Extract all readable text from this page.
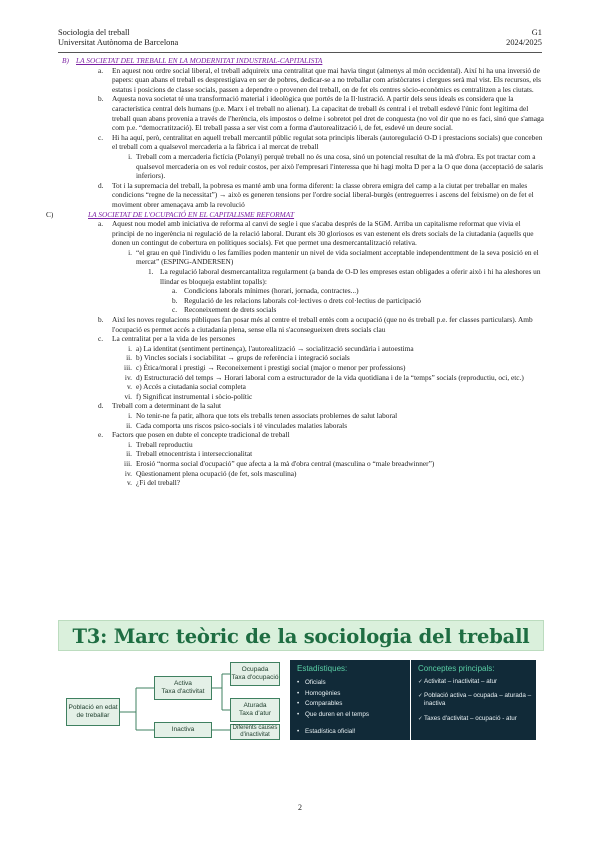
Sociologia del treball
Universitat Autònoma de Barcelona
G1
2024/2025
B) LA SOCIETAT DEL TREBALL EN LA MODERNITAT INDUSTRIAL-CAPITALISTA
a. En aquest nou ordre social liberal, el treball adquireix una centralitat que mai havia tingut (almenys al món occidental). Així hi ha una inversió de papers: quan abans el treball es desprestigiava en ser de pobres, dedicar-se a no treballar com aristòcrates i clergues serà mal vist. Els recursos, els estatus i posicions de classe socials, passen a dependre o provenen del treball, on de fet els centres sòcio-econòmics es centralitzen a les ciutats.
b. Aquesta nova societat té una transformació material i ideològica que portés de la Il·lustració. A partir dels seus ideals es considera que la característica central dels humans (p.e. Marx i el treball no alienat). La capacitat de treball és central i el treball esdevé l'únic font legítima del treball quan abans provenia a través de l'herència, els impostos o delme i sobretot pel dret de conquesta (no vol dir que no es faci, sinó que s'amaga com p.e. “democratització). El treball passa a ser vist com a forma d'autorealització i, de fet, esdevé un deure social.
c. Hi ha aquí, però, centralitat en aquell treball mercantil públic regulat sota principis liberals (autoregulació O-D i prestacions socials) que conceben el treball com a qualsevol mercaderia a la fàbrica i al mercat de treball
i. Treball com a mercaderia fictícia (Polanyi) perquè treball no és una cosa, sinó un potencial resultat de la mà d'obra. Es pot tractar com a qualsevol mercaderia on es vol reduir costos, per això l'empresari l'interessa que hi hagi molta D per a la O que dona (acceptació de salaris inferiors).
d. Tot i la supremacia del treball, la pobresa es manté amb una forma diferent: la classe obrera emigra del camp a la ciutat per treballar en males condicions “regne de la necessitat”) → això es generen tensions per l'ordre social liberal-burgès (entreguerres i ascens del feixisme) on de fet el moviment obrer amenaçava amb la revolució
C)	LA SOCIETAT DE L'OCUPACIÓ EN EL CAPITALISME REFORMAT
a. Aquest nou model amb iniciativa de reforma al canvi de segle i que s'acaba després de la SGM. Arriba un capitalisme reformat que vivia el principi de no ingerència ni regulació de la relació laboral. Durant els 30 gloriosos es van estenent els drets socials de la ciutadania (aquells que donen un contingut de cobertura en polítiques socials). Fet que permet una desmercantalització relativa.
i. “el grau en què l'individu o les famílies poden mantenir un nivel de vida socialment acceptable independenttment de la seva posició en el mercat” (ESPING-ANDERSEN)
1. La regulació laboral desmercantalitza regularment (a banda de O-D les empreses estan obligades a oferir això i hi ha aleshores un llindar es bloqueja establint topalls):
a. Condicions laborals mínimes (horari, jornada, contractes...)
b. Regulació de les relacions laborals col·lectives o drets col·lectius de participació
c. Reconeixement de drets socials
b. Així les noves regulacions públiques fan posar més al centre el treball entès com a ocupació (que no és treball p.e. fer classes particulars). Amb l'ocupació es permet accés a ciutadania plena, sense ella ni s'aconsegueixen drets socials clau
c. La centralitat per a la vida de les persones
i. a) La identitat (sentiment pertinença), l'autorealització → socialització secundària i autoestima
ii. b) Vincles socials i sociabilitat → grups de referència i integració socials
iii. c) Ètica/moral i prestigi → Reconeixement i prestigi social (major o menor per professions)
iv. d) Estructuració del temps → Horari laboral com a estructurador de la vida quotidiana i de la “temps” socials (reproductiu, oci, etc.)
v. e) Accés a ciutadania social completa
vi. f) Significat instrumental i sòcio-polític
d. Treball com a determinant de la salut
i. No tenir-ne fa patir, alhora que tots els treballs tenen associats problemes de salut laboral
ii. Cada comporta uns riscos psico-socials i té vinculades malaties laborals
e. Factors que posen en dubte el concepte tradicional de treball
i. Treball reproductiu
ii. Treball etnocentrista i interseccionalitat
iii. Erosió “norma social d'ocupació” que afecta a la mà d'obra central (masculina o “male breadwinner”)
iv. Qüestionament plena ocupació (de fet, sols masculina)
v. ¿Fi del treball?
T3: Marc teòric de la sociologia del treball
Població en edat de treballar
Activa
Taxa d'activitat
Inactiva
Ocupada
Taxa d'ocupació
Aturada
Taxa d'atur
Diferents causes d'inactivitat
Estadístiques:
• Oficials
• Homogènies
• Comparables
• Que duren en el temps
• Estadística oficial!
Conceptes principals:
✓ Activitat – inactivitat – atur
✓ Població activa – ocupada – aturada – inactiva
✓ Taxes d'activitat – ocupació - atur
2
